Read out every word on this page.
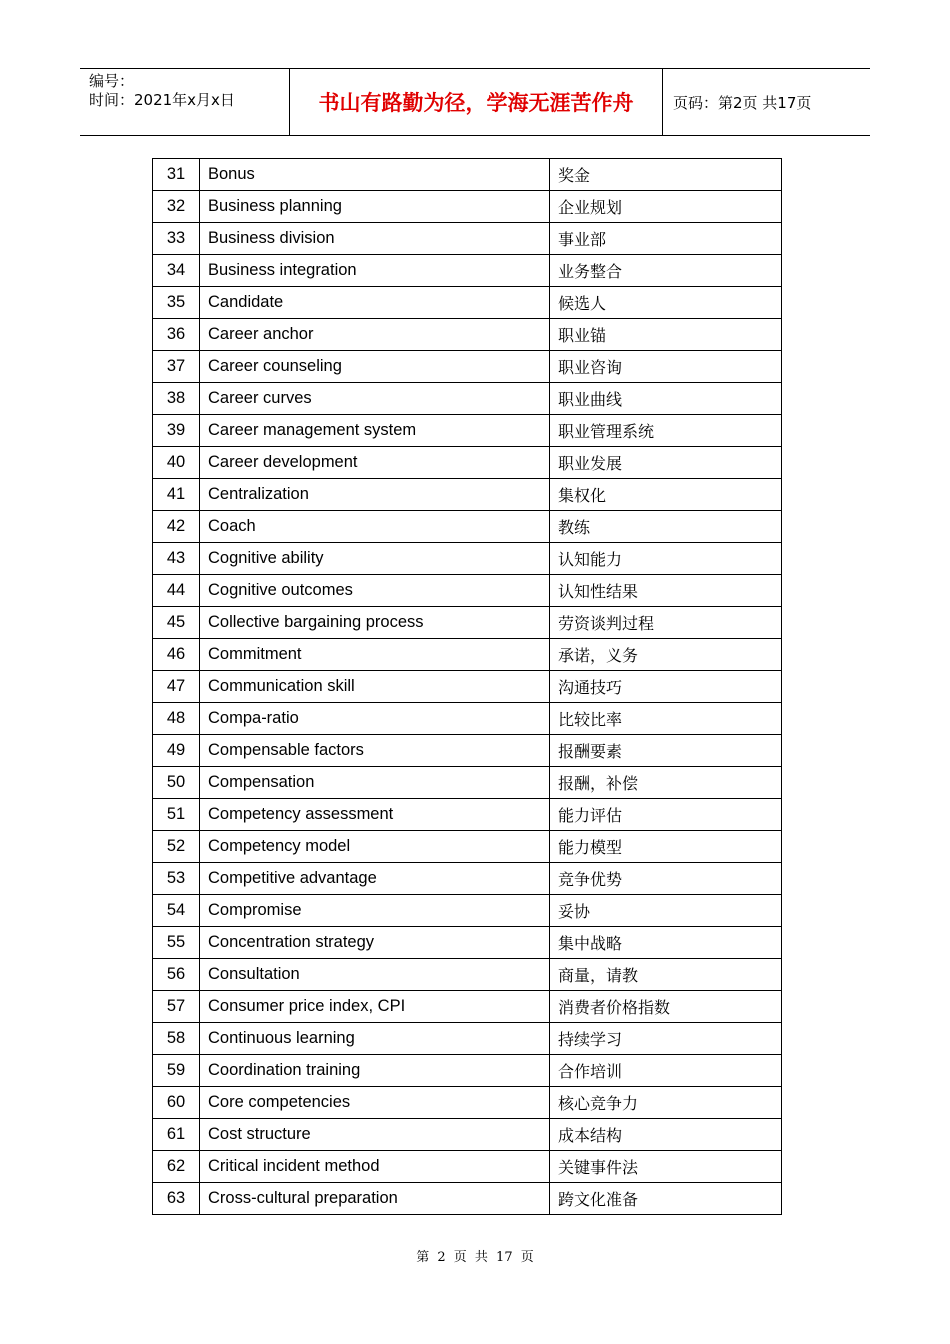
编号：
时间：2021年x月x日	书山有路勤为径，学海无涯苦作舟	页码：第2页 共17页
31	Bonus	奖金
32	Business planning	企业规划
33	Business division	事业部
34	Business integration	业务整合
35	Candidate	候选人
36	Career anchor	职业锚
37	Career counseling	职业咨询
38	Career curves	职业曲线
39	Career management system	职业管理系统
40	Career development	职业发展
41	Centralization	集权化
42	Coach	教练
43	Cognitive ability	认知能力
44	Cognitive outcomes	认知性结果
45	Collective bargaining process	劳资谈判过程
46	Commitment	承诺，义务
47	Communication skill	沟通技巧
48	Compa-ratio	比较比率
49	Compensable factors	报酬要素
50	Compensation	报酬，补偿
51	Competency assessment	能力评估
52	Competency model	能力模型
53	Competitive advantage	竞争优势
54	Compromise	妥协
55	Concentration strategy	集中战略
56	Consultation	商量，请教
57	Consumer price index, CPI	消费者价格指数
58	Continuous learning	持续学习
59	Coordination training	合作培训
60	Core competencies	核心竞争力
61	Cost structure	成本结构
62	Critical incident method	关键事件法
63	Cross-cultural preparation	跨文化准备
第 2 页 共 17 页
